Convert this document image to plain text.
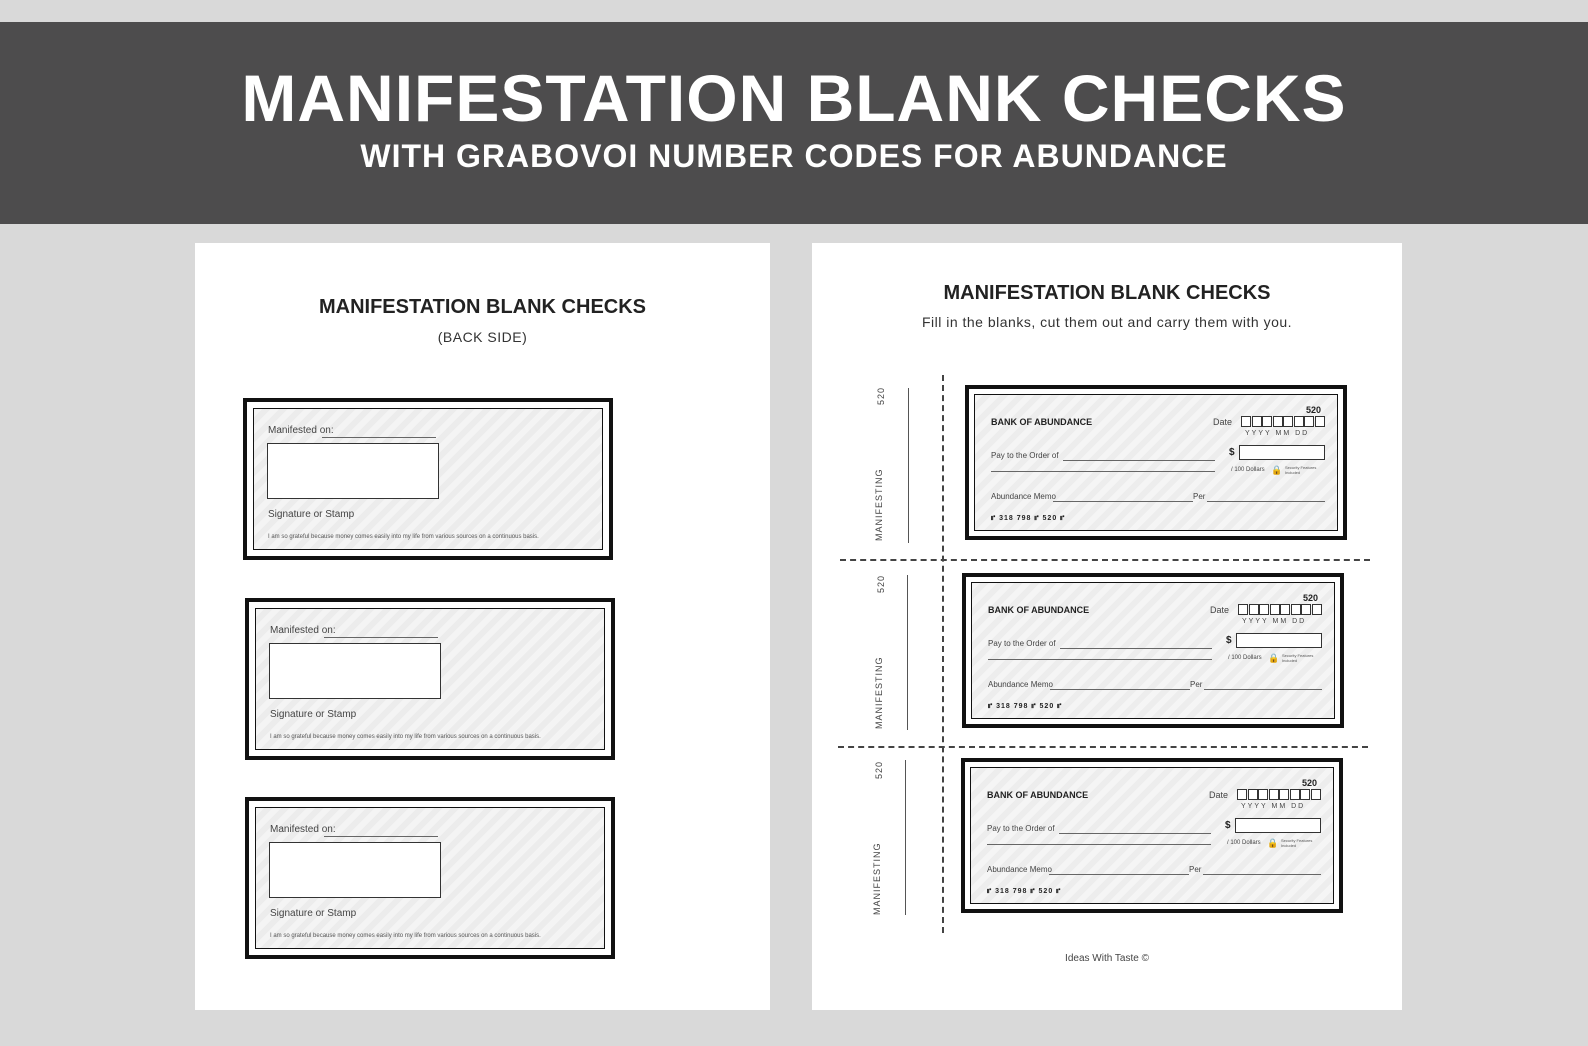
MANIFESTATION BLANK CHECKS
WITH GRABOVOI NUMBER CODES FOR ABUNDANCE
MANIFESTATION BLANK CHECKS
(BACK SIDE)
Manifested on:
Signature or Stamp
I am so grateful because money comes easily into my life from various sources on a continuous basis.
Manifested on:
Signature or Stamp
I am so grateful because money comes easily into my life from various sources on a continuous basis.
Manifested on:
Signature or Stamp
I am so grateful because money comes easily into my life from various sources on a continuous basis.
MANIFESTATION BLANK CHECKS
Fill in the blanks, cut them out and carry them with you.
520
MANIFESTING
520
MANIFESTING
520
MANIFESTING
520
BANK OF ABUNDANCE	Date
YYYY MM DD
Pay to the Order of	$
/ 100 Dollars 🔒 Security Features Included
Abundance Memo	Per
⑈ 318 798 ⑈ 520 ⑈
520
BANK OF ABUNDANCE	Date
YYYY MM DD
Pay to the Order of	$
/ 100 Dollars 🔒 Security Features Included
Abundance Memo	Per
⑈ 318 798 ⑈ 520 ⑈
520
BANK OF ABUNDANCE	Date
YYYY MM DD
Pay to the Order of	$
/ 100 Dollars 🔒 Security Features Included
Abundance Memo	Per
⑈ 318 798 ⑈ 520 ⑈
Ideas With Taste ©
